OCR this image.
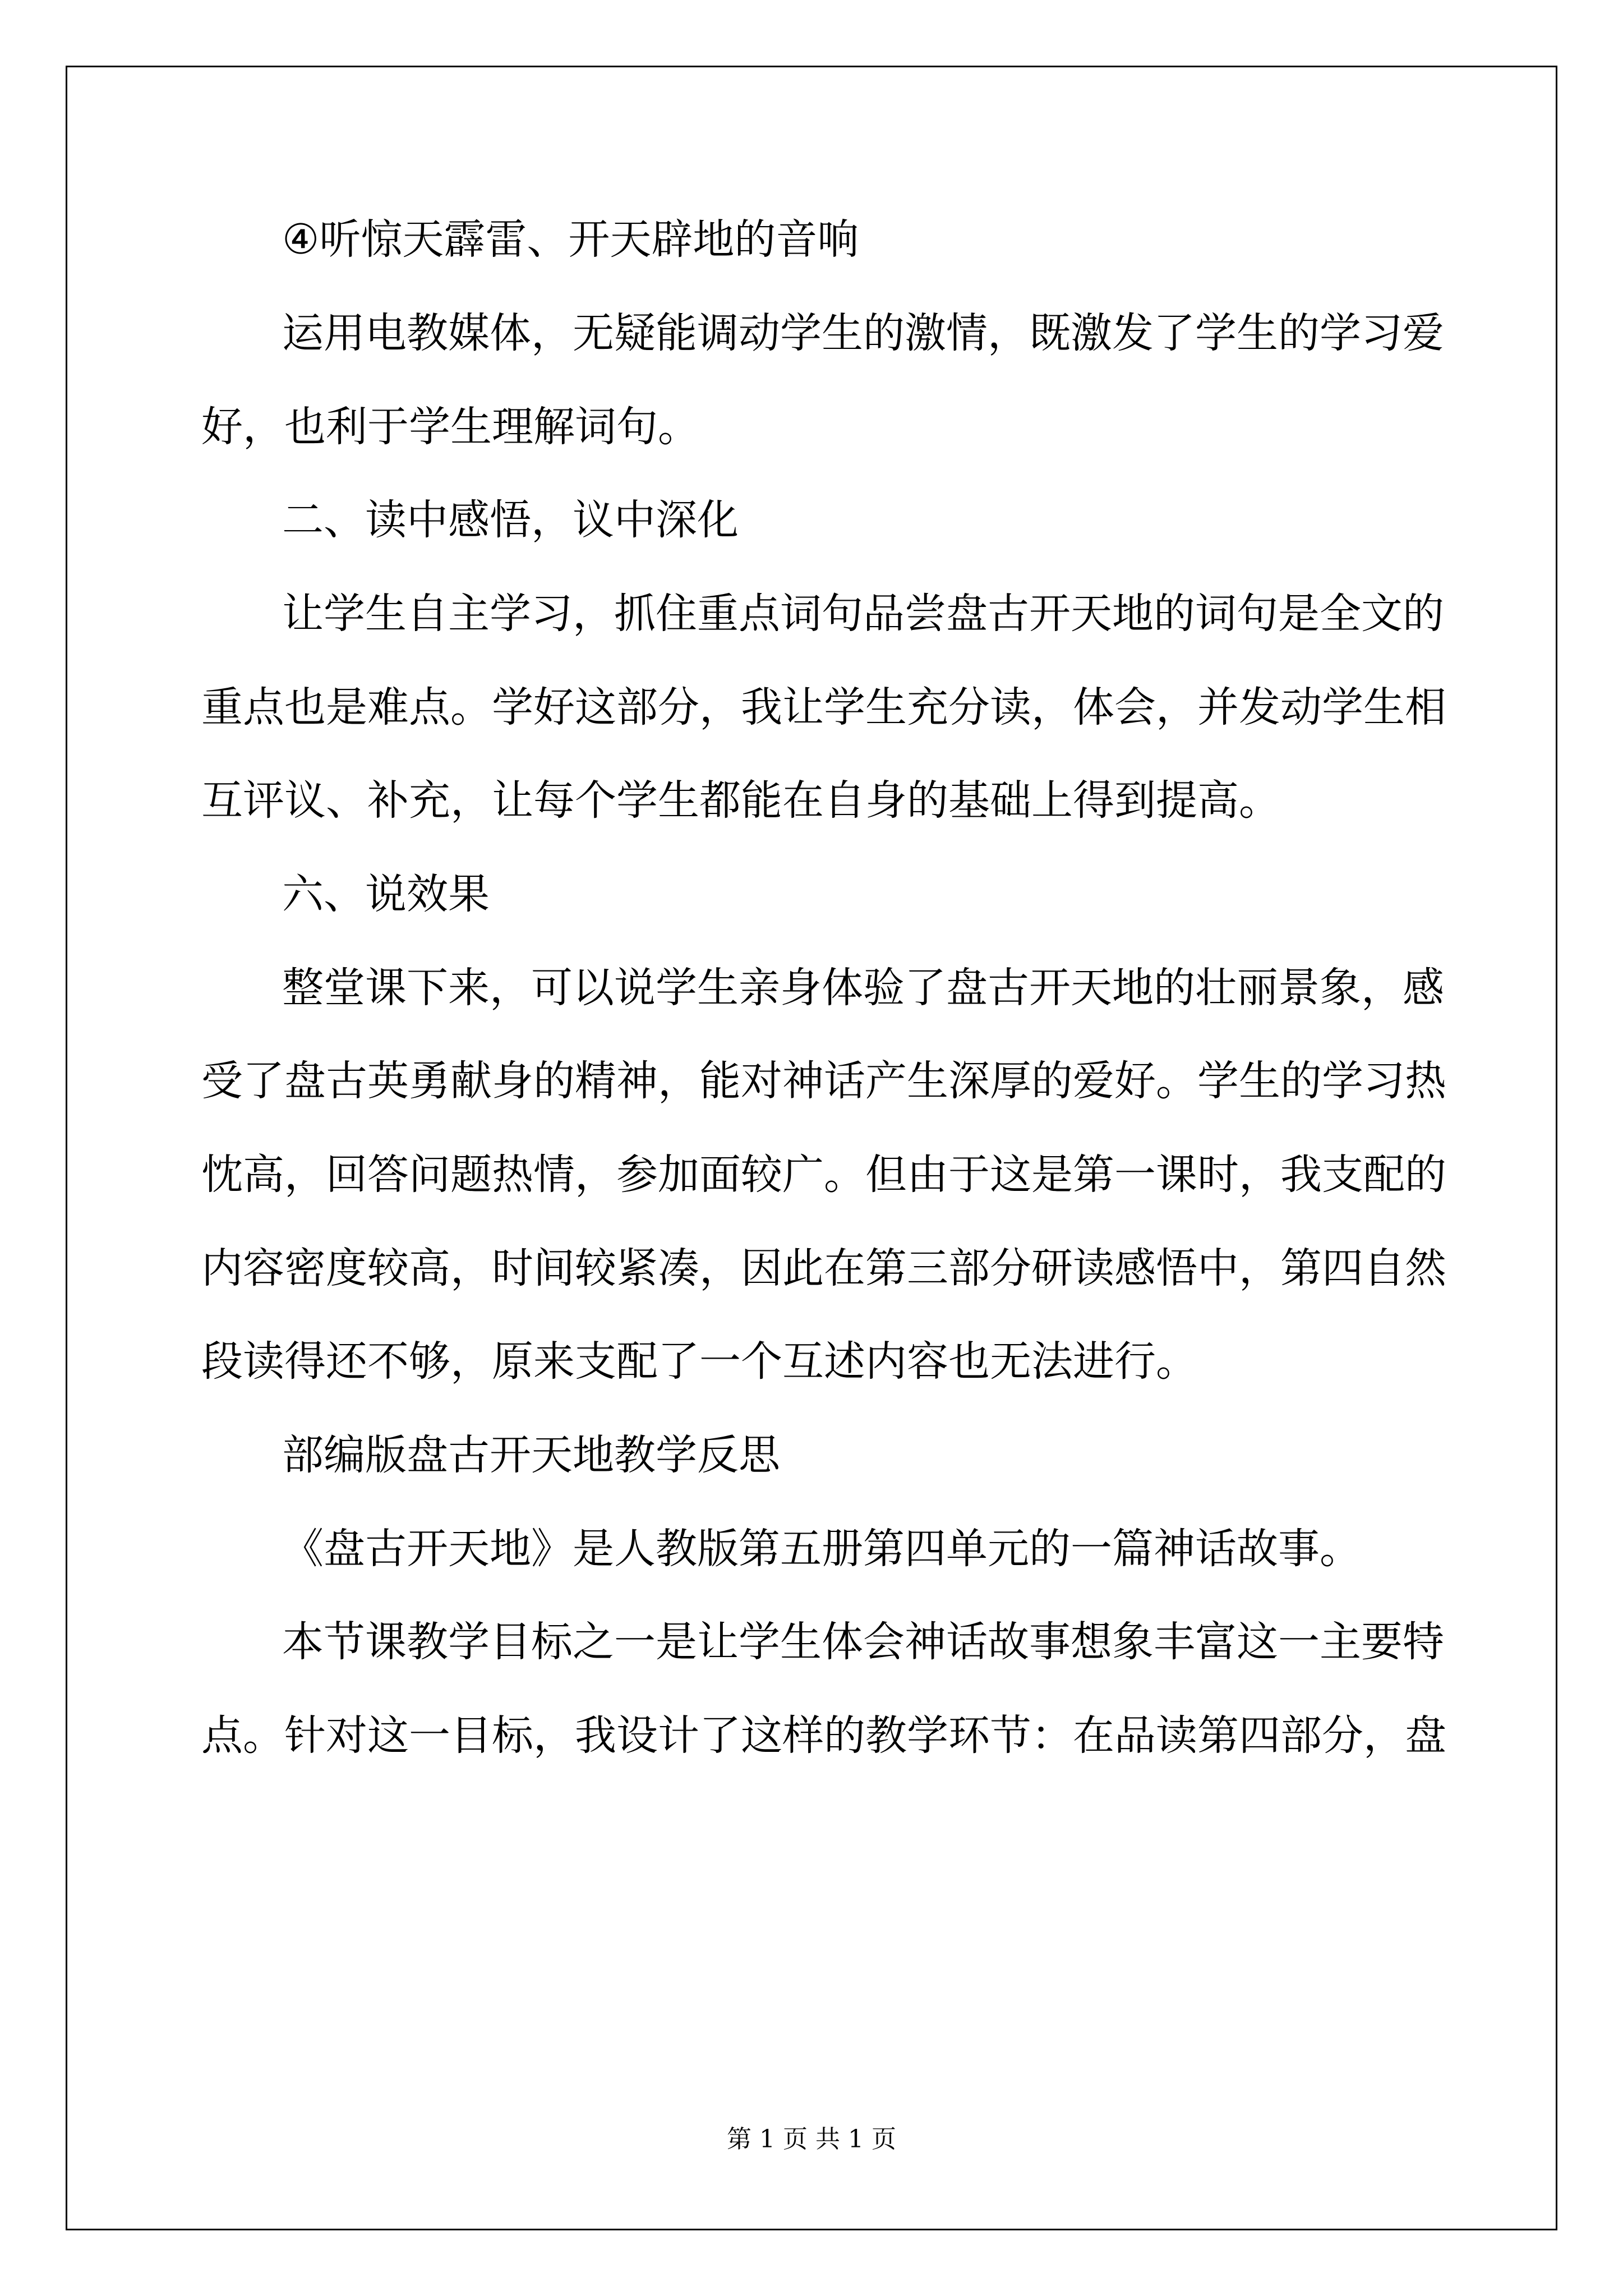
④听惊天霹雷、开天辟地的音响
运用电教媒体，无疑能调动学生的激情，既激发了学生的学习爱
好，也利于学生理解词句。
二、读中感悟，议中深化
让学生自主学习，抓住重点词句品尝盘古开天地的词句是全文的
重点也是难点。学好这部分，我让学生充分读，体会，并发动学生相
互评议、补充，让每个学生都能在自身的基础上得到提高。
六、说效果
整堂课下来，可以说学生亲身体验了盘古开天地的壮丽景象，感
受了盘古英勇献身的精神，能对神话产生深厚的爱好。学生的学习热
忱高，回答问题热情，参加面较广。但由于这是第一课时，我支配的
内容密度较高，时间较紧凑，因此在第三部分研读感悟中，第四自然
段读得还不够，原来支配了一个互述内容也无法进行。
部编版盘古开天地教学反思
《盘古开天地》是人教版第五册第四单元的一篇神话故事。
本节课教学目标之一是让学生体会神话故事想象丰富这一主要特
点。针对这一目标，我设计了这样的教学环节：在品读第四部分，盘
第 1 页 共 1 页
